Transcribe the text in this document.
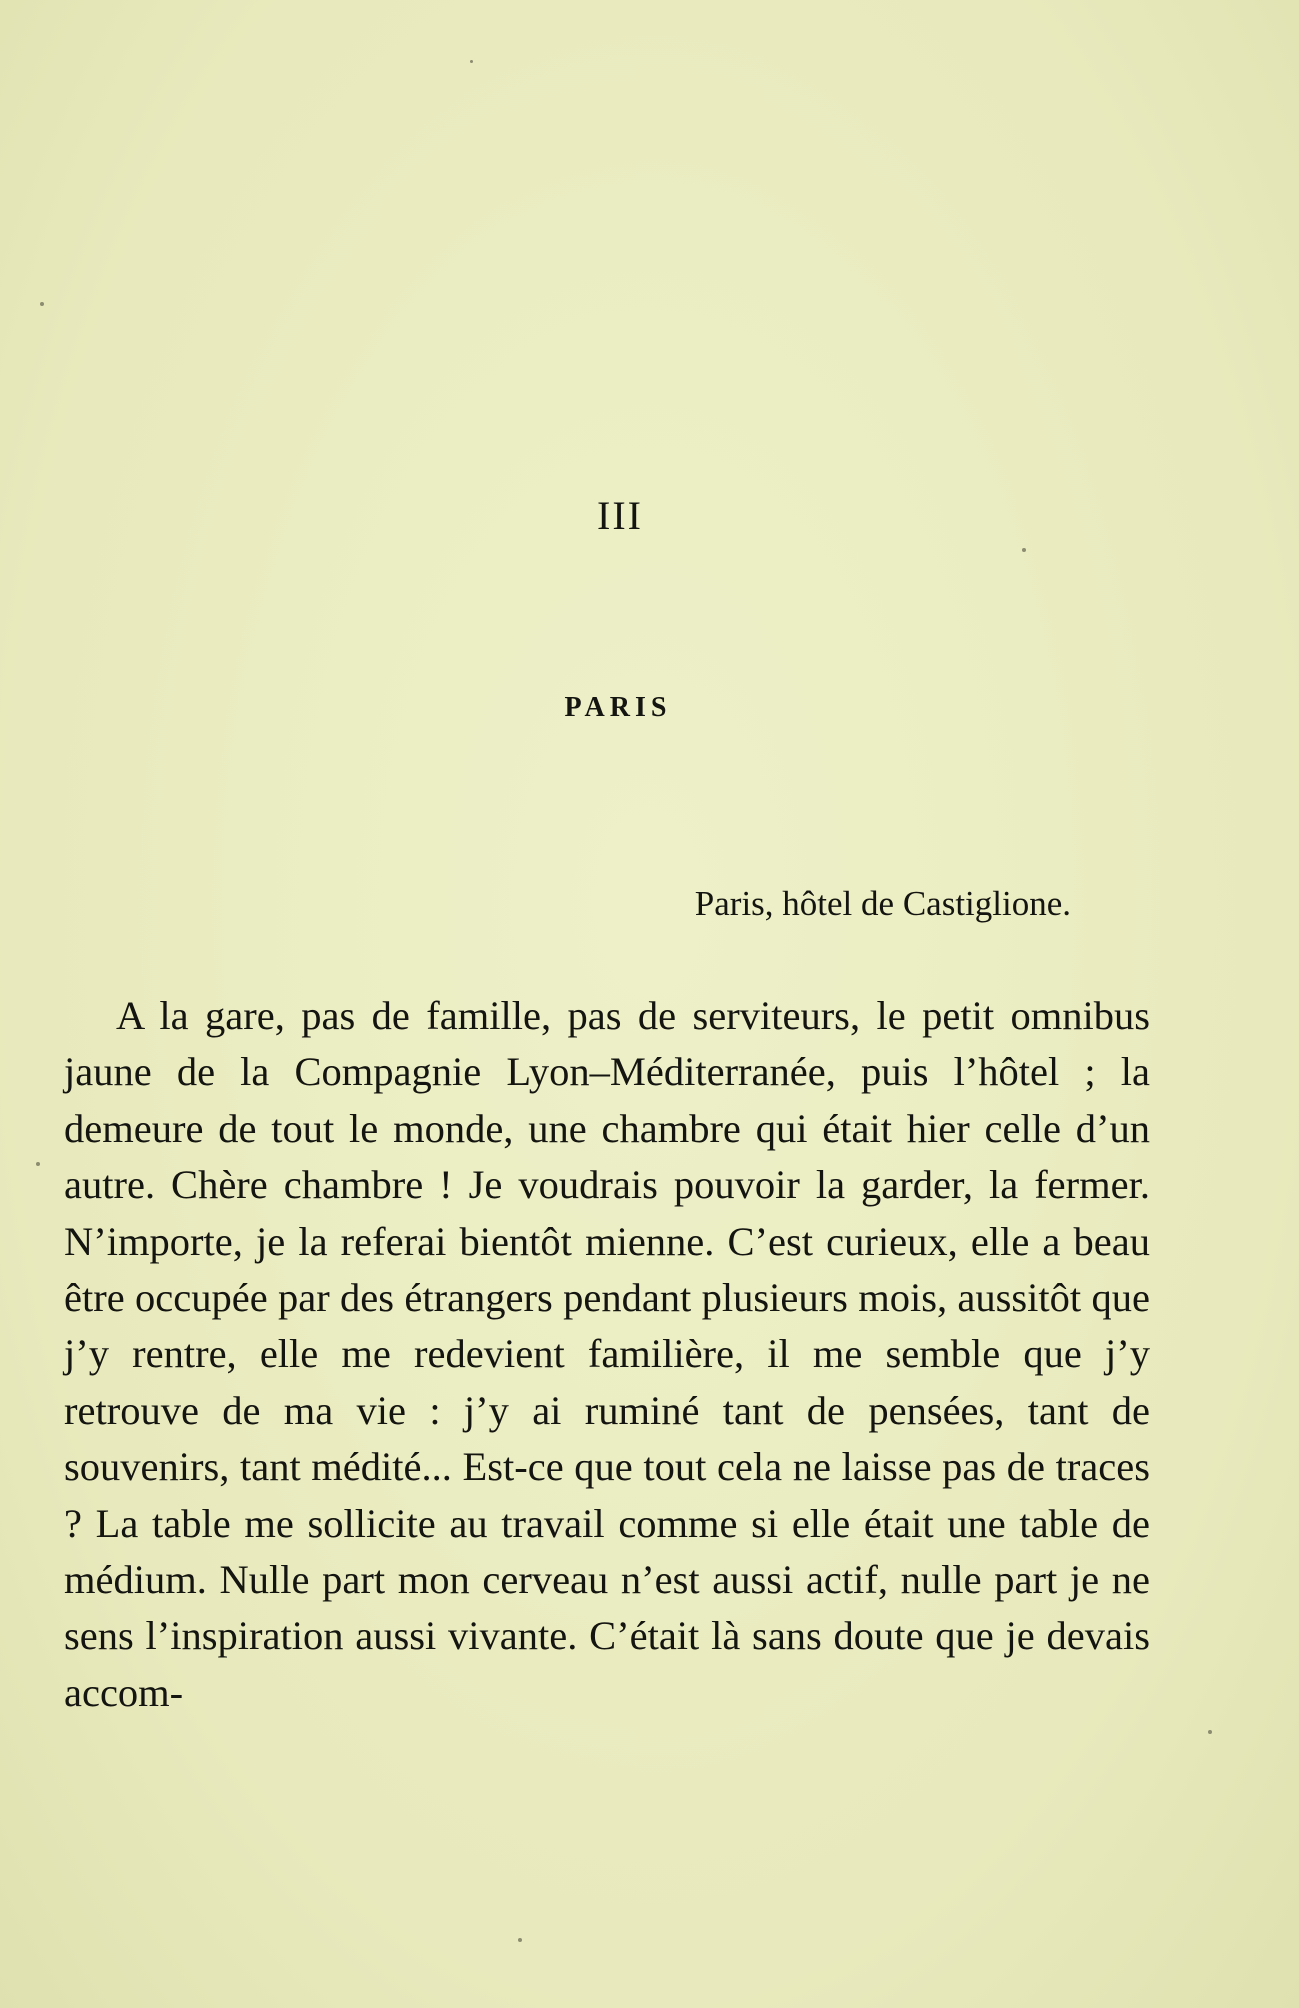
III
PARIS
Paris, hôtel de Castiglione.

A la gare, pas de famille, pas de serviteurs, le petit omnibus jaune de la Compagnie Lyon–Méditerranée, puis l’hôtel ; la demeure de tout le monde, une chambre qui était hier celle d’un autre. Chère chambre ! Je voudrais pouvoir la garder, la fermer. N’importe, je la referai bientôt mienne. C’est curieux, elle a beau être occupée par des étrangers pendant plusieurs mois, aussitôt que j’y rentre, elle me redevient familière, il me semble que j’y retrouve de ma vie : j’y ai ruminé tant de pensées, tant de souvenirs, tant médité... Est-ce que tout cela ne laisse pas de traces ? La table me sollicite au travail comme si elle était une table de médium. Nulle part mon cerveau n’est aussi actif, nulle part je ne sens l’inspiration aussi vivante. C’était là sans doute que je devais accom-
